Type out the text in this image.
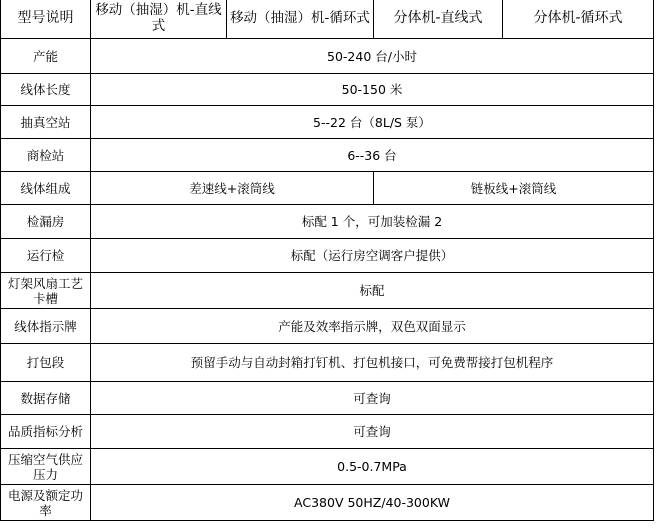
型号说明	移动（抽湿）机-直线式	移动（抽湿）机-循环式	分体机-直线式	分体机-循环式
产能	50-240 台/小时			
线体长度	50-150 米			
抽真空站	5--22 台（8L/S 泵）			
商检站	6--36 台			
线体组成	差速线+滚筒线		链板线+滚筒线	
检漏房	标配 1 个，可加装检漏 2			
运行检	标配（运行房空调客户提供）			
灯架风扇工艺卡槽	标配			
线体指示牌	产能及效率指示牌，双色双面显示			
打包段	预留手动与自动封箱打钉机、打包机接口，可免费帮接打包机程序			
数据存储	可查询			
品质指标分析	可查询			
压缩空气供应压力	0.5-0.7MPa			
电源及额定功率	AC380V 50HZ/40-300KW			
